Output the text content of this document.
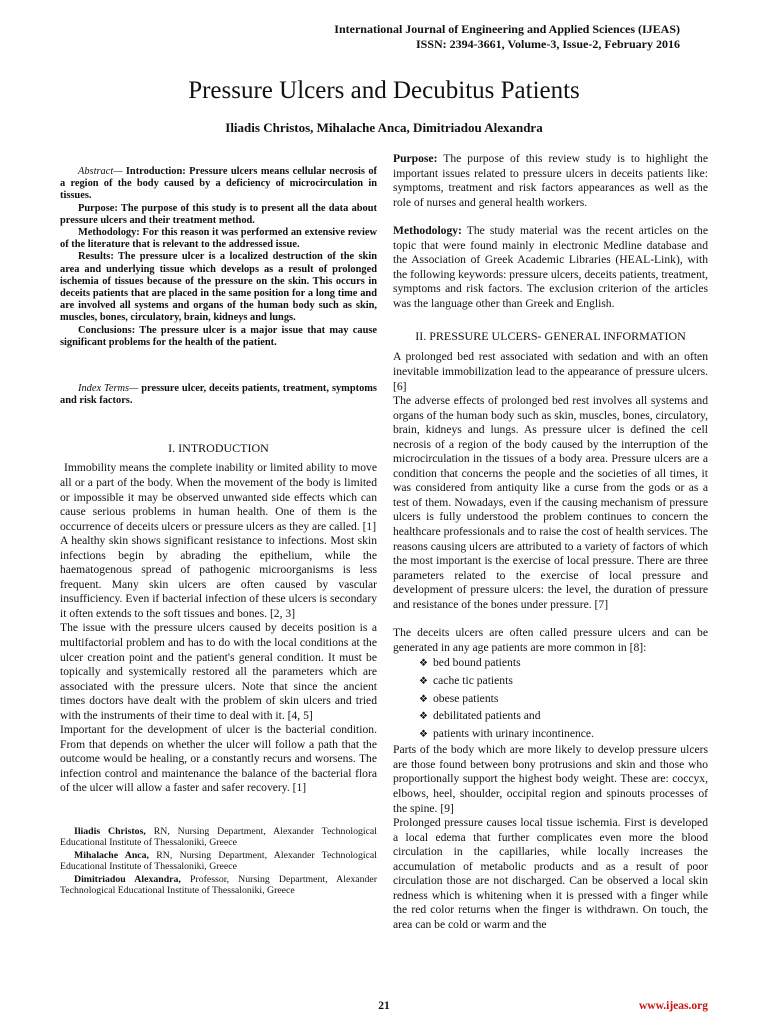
International Journal of Engineering and Applied Sciences (IJEAS)
ISSN: 2394-3661, Volume-3, Issue-2, February 2016
Pressure Ulcers and Decubitus Patients
Iliadis Christos, Mihalache Anca, Dimitriadou Alexandra

Abstract— Introduction: Pressure ulcers means cellular necrosis of a region of the body caused by a deficiency of microcirculation in tissues.

Purpose: The purpose of this study is to present all the data about pressure ulcers and their treatment method.

Methodology: For this reason it was performed an extensive review of the literature that is relevant to the addressed issue.

Results: The pressure ulcer is a localized destruction of the skin area and underlying tissue which develops as a result of prolonged ischemia of tissues because of the pressure on the skin. This occurs in deceits patients that are placed in the same position for a long time and are involved all systems and organs of the human body such as skin, muscles, bones, circulatory, brain, kidneys and lungs.

Conclusions: The pressure ulcer is a major issue that may cause significant problems for the health of the patient.

Index Terms— pressure ulcer, deceits patients, treatment, symptoms and risk factors.
I. INTRODUCTION

Immobility means the complete inability or limited ability to move all or a part of the body. When the movement of the body is limited or impossible it may be observed unwanted side effects which can cause serious problems in human health. One of them is the occurrence of deceits ulcers or pressure ulcers as they are called. [1]

A healthy skin shows significant resistance to infections. Most skin infections begin by abrading the epithelium, while the haematogenous spread of pathogenic microorganisms is less frequent. Many skin ulcers are often caused by vascular insufficiency. Even if bacterial infection of these ulcers is secondary it often extends to the soft tissues and bones. [2, 3]

The issue with the pressure ulcers caused by deceits position is a multifactorial problem and has to do with the local conditions at the ulcer creation point and the patient's general condition. It must be topically and systemically restored all the parameters which are associated with the pressure ulcers. Note that since the ancient times doctors have dealt with the problem of skin ulcers and tried with the instruments of their time to deal with it. [4, 5]

Important for the development of ulcer is the bacterial condition. From that depends on whether the ulcer will follow a path that the outcome would be healing, or a constantly recurs and worsens. The infection control and maintenance the balance of the bacterial flora of the ulcer will allow a faster and safer recovery. [1]

Iliadis Christos, RN, Nursing Department, Alexander Technological Educational Institute of Thessaloniki, Greece

Mihalache Anca, RN, Nursing Department, Alexander Technological Educational Institute of Thessaloniki, Greece

Dimitriadou Alexandra, Professor, Nursing Department, Alexander Technological Educational Institute of Thessaloniki, Greece

Purpose: The purpose of this review study is to highlight the important issues related to pressure ulcers in deceits patients like: symptoms, treatment and risk factors appearances as well as the role of nurses and general health workers.

Methodology: The study material was the recent articles on the topic that were found mainly in electronic Medline database and the Association of Greek Academic Libraries (HEAL-Link), with the following keywords: pressure ulcers, deceits patients, treatment, symptoms and risk factors. The exclusion criterion of the articles was the language other than Greek and English.

II. PRESSURE ULCERS- GENERAL INFORMATION

A prolonged bed rest associated with sedation and with an often inevitable immobilization lead to the appearance of pressure ulcers. [6]

The adverse effects of prolonged bed rest involves all systems and organs of the human body such as skin, muscles, bones, circulatory, brain, kidneys and lungs. As pressure ulcer is defined the cell necrosis of a region of the body caused by the interruption of the microcirculation in the tissues of a body area. Pressure ulcers are a condition that concerns the people and the societies of all times, it was considered from antiquity like a curse from the gods or as a test of them. Nowadays, even if the causing mechanism of pressure ulcers is fully understood the problem continues to concern the healthcare professionals and to raise the cost of health services. The reasons causing ulcers are attributed to a variety of factors of which the most important is the exercise of local pressure. There are three parameters related to the exercise of local pressure and development of pressure ulcers: the level, the duration of pressure and resistance of the bones under pressure. [7]

The deceits ulcers are often called pressure ulcers and can be generated in any age patients are more common in [8]:

❖ bed bound patients
❖ cache tic patients
❖ obese patients
❖ debilitated patients and
❖ patients with urinary incontinence.

Parts of the body which are more likely to develop pressure ulcers are those found between bony protrusions and skin and those who proportionally support the highest body weight. These are: coccyx, elbows, heel, shoulder, occipital region and spinouts processes of the spine. [9]

Prolonged pressure causes local tissue ischemia. First is developed a local edema that further complicates even more the blood circulation in the capillaries, while locally increases the accumulation of metabolic products and as a result of poor circulation those are not discharged. Can be observed a local skin redness which is whitening when it is pressed with a finger while the red color returns when the finger is withdrawn. On touch, the area can be cold or warm and the

21	www.ijeas.org
